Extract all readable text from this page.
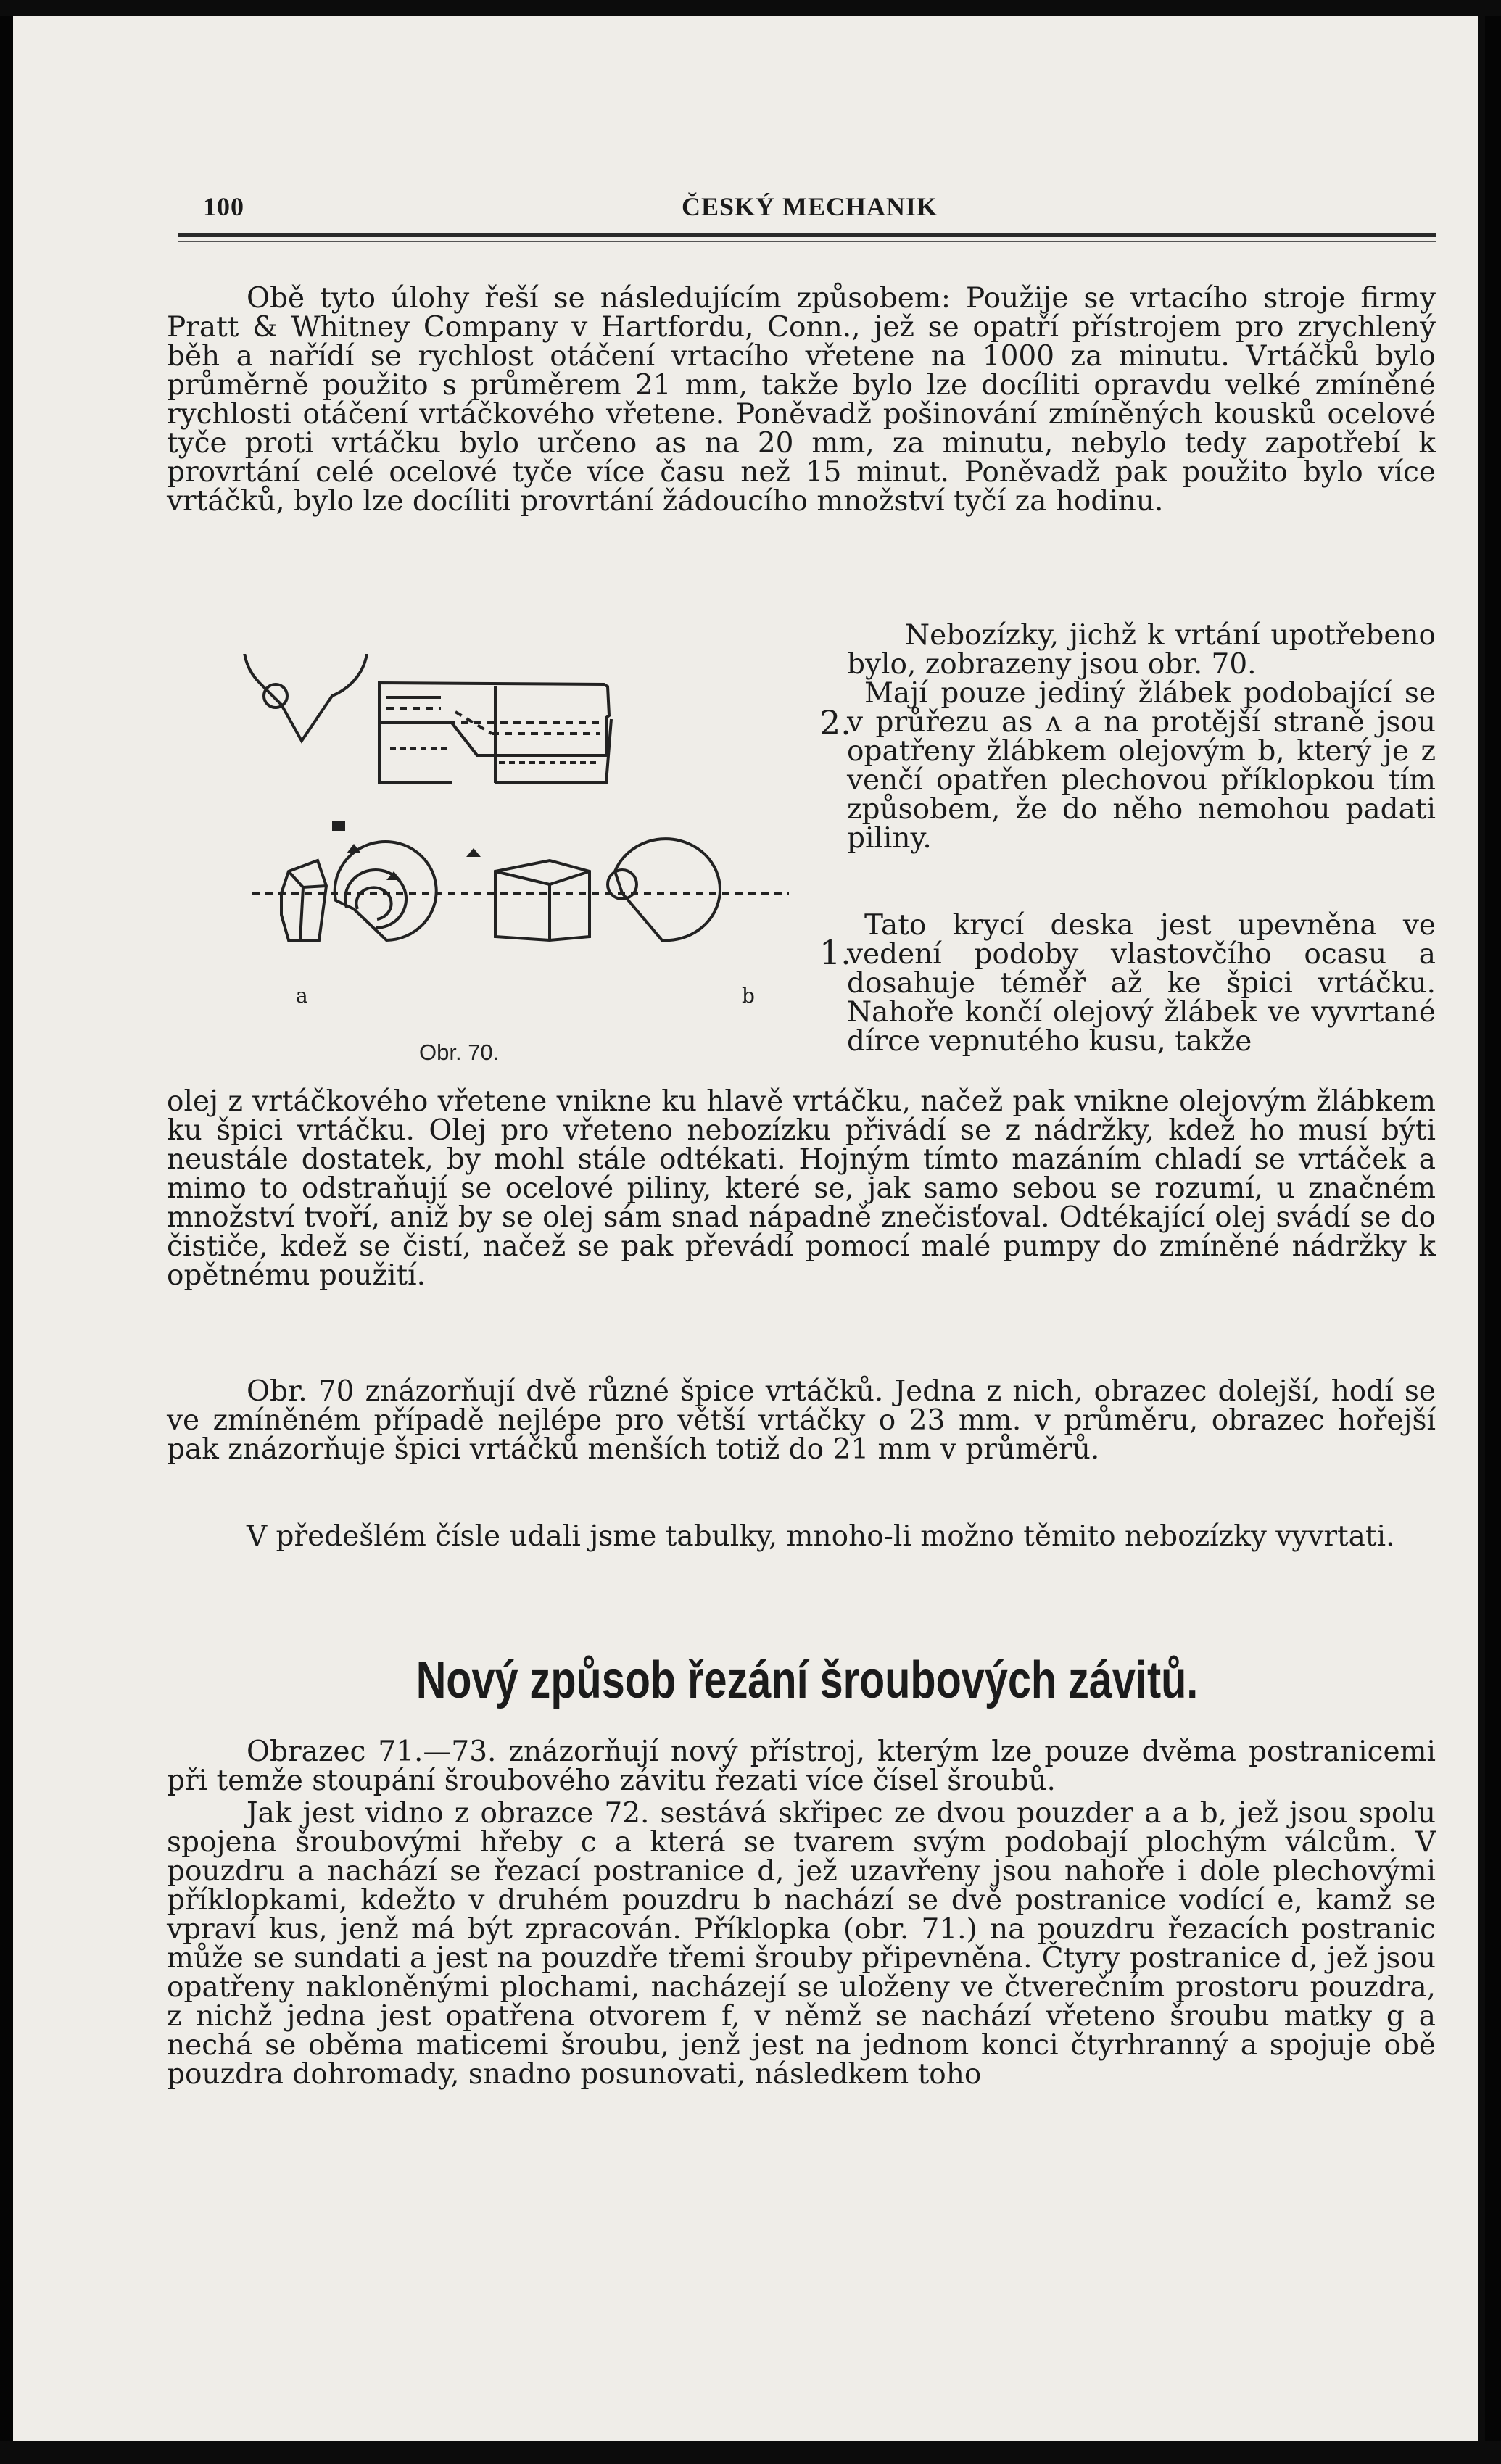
100	ČESKÝ MECHANIK

Obě tyto úlohy řeší se následujícím způsobem: Použije se vrtacího stroje firmy Pratt & Whitney Company v Hartfordu, Conn., jež se opatří přístrojem pro zrychlený běh a nařídí se rychlost otáčení vrtacího vřetene na 1000 za minutu. Vrtáčků bylo průměrně použito s průměrem 21 mm, takže bylo lze docíliti opravdu velké zmíněné rychlosti otáčení vrtáčkového vřetene. Poněvadž pošinování zmíněných kousků ocelové tyče proti vrtáčku bylo určeno as na 20 mm, za minutu, nebylo tedy zapotřebí k provrtání celé ocelové tyče více času než 15 minut. Poněvadž pak použito bylo více vrtáčků, bylo lze docíliti provrtání žádoucího množství tyčí za hodinu.

Nebozízky, jichž k vrtání upotřebeno bylo, zobrazeny jsou obr. 70.

2.

Mají pouze jediný žlábek podobající se v průřezu as ʌ a na protější straně jsou opatřeny žlábkem olejovým b, který je z venčí opatřen plechovou příklopkou tím způsobem, že do něho nemohou padati piliny.

1.

Tato krycí deska jest upevněna ve vedení podoby vlastovčího ocasu a dosahuje téměř až ke špici vrtáčku. Nahoře končí olejový žlábek ve vyvrtané dírce vepnutého kusu, takže

a	b
Obr. 70.

olej z vrtáčkového vřetene vnikne ku hlavě vrtáčku, načež pak vnikne olejovým žlábkem ku špici vrtáčku. Olej pro vřeteno nebozízku přivádí se z nádržky, kdež ho musí býti neustále dostatek, by mohl stále odtékati. Hojným tímto mazáním chladí se vrtáček a mimo to odstraňují se ocelové piliny, které se, jak samo sebou se rozumí, u značném množství tvoří, aniž by se olej sám snad nápadně znečisťoval. Odtékající olej svádí se do čističe, kdež se čistí, načež se pak převádí pomocí malé pumpy do zmíněné nádržky k opětnému použití.

Obr. 70 znázorňují dvě různé špice vrtáčků. Jedna z nich, obrazec dolejší, hodí se ve zmíněném případě nejlépe pro větší vrtáčky o 23 mm. v průměru, obrazec hořejší pak znázorňuje špici vrtáčků menších totiž do 21 mm v průměrů.

V předešlém čísle udali jsme tabulky, mnoho-li možno těmito nebozízky vyvrtati.

Nový způsob řezání šroubových závitů.

Obrazec 71.—73. znázorňují nový přístroj, kterým lze pouze dvěma postranicemi při temže stoupání šroubového závitu řezati více čísel šroubů.

Jak jest vidno z obrazce 72. sestává skřipec ze dvou pouzder a a b, jež jsou spolu spojena šroubovými hřeby c a která se tvarem svým podobají plochým válcům. V pouzdru a nachází se řezací postranice d, jež uzavřeny jsou nahoře i dole plechovými příklopkami, kdežto v druhém pouzdru b nachází se dvě postranice vodící e, kamž se vpraví kus, jenž má být zpracován. Příklopka (obr. 71.) na pouzdru řezacích postranic může se sundati a jest na pouzdře třemi šrouby připevněna. Čtyry postranice d, jež jsou opatřeny nakloněnými plochami, nacházejí se uloženy ve čtverečním prostoru pouzdra, z nichž jedna jest opatřena otvorem f, v němž se nachází vřeteno šroubu matky g a nechá se oběma maticemi šroubu, jenž jest na jednom konci čtyrhranný a spojuje obě pouzdra dohromady, snadno posunovati, následkem toho
